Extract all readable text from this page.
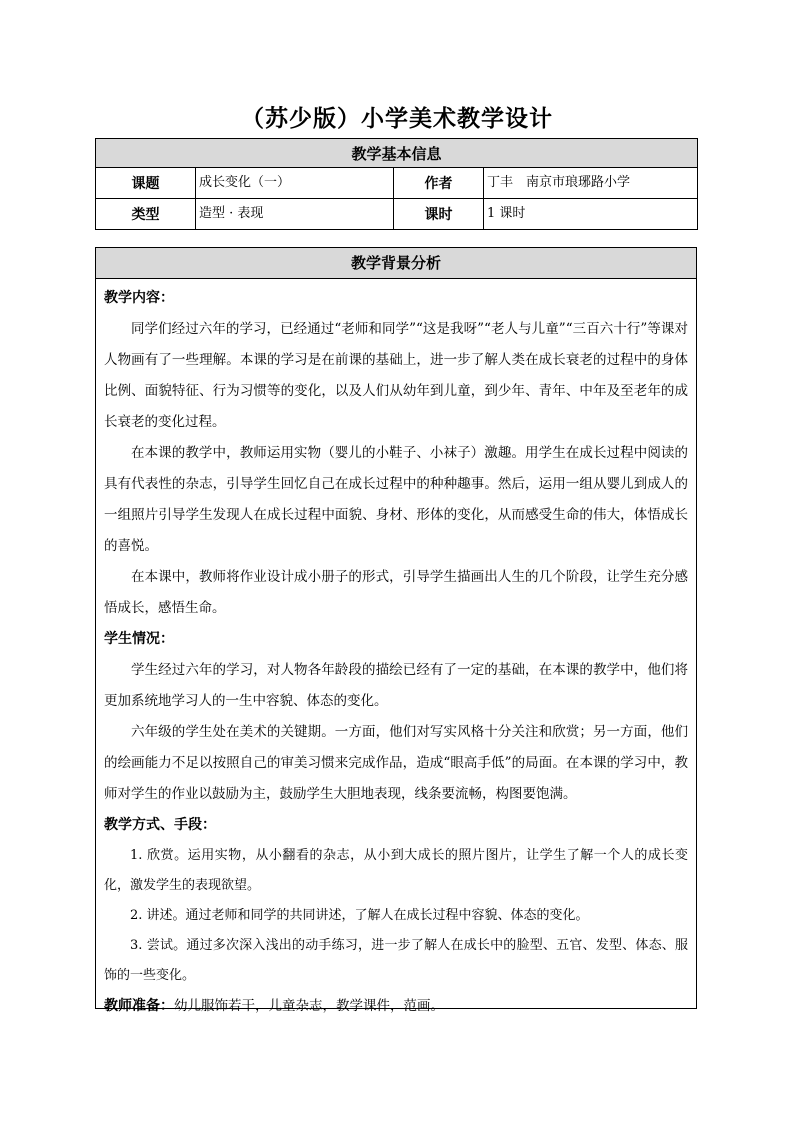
（苏少版）小学美术教学设计
教学基本信息			
课题	成长变化（一）	作者	丁丰　南京市琅琊路小学
类型	造型 · 表现	课时	1 课时
教学背景分析
教学内容：

同学们经过六年的学习，已经通过“老师和同学”“这是我呀”“老人与儿童”“三百六十行”等课对人物画有了一些理解。本课的学习是在前课的基础上，进一步了解人类在成长衰老的过程中的身体比例、面貌特征、行为习惯等的变化，以及人们从幼年到儿童，到少年、青年、中年及至老年的成长衰老的变化过程。

在本课的教学中，教师运用实物（婴儿的小鞋子、小袜子）激趣。用学生在成长过程中阅读的具有代表性的杂志，引导学生回忆自己在成长过程中的种种趣事。然后，运用一组从婴儿到成人的一组照片引导学生发现人在成长过程中面貌、身材、形体的变化，从而感受生命的伟大，体悟成长的喜悦。

在本课中，教师将作业设计成小册子的形式，引导学生描画出人生的几个阶段，让学生充分感悟成长，感悟生命。

学生情况：

学生经过六年的学习，对人物各年龄段的描绘已经有了一定的基础，在本课的教学中，他们将更加系统地学习人的一生中容貌、体态的变化。

六年级的学生处在美术的关键期。一方面，他们对写实风格十分关注和欣赏；另一方面，他们的绘画能力不足以按照自己的审美习惯来完成作品，造成“眼高手低”的局面。在本课的学习中，教师对学生的作业以鼓励为主，鼓励学生大胆地表现，线条要流畅，构图要饱满。

教学方式、手段：

1. 欣赏。运用实物，从小翻看的杂志，从小到大成长的照片图片，让学生了解一个人的成长变化，激发学生的表现欲望。

2. 讲述。通过老师和同学的共同讲述，了解人在成长过程中容貌、体态的变化。

3. 尝试。通过多次深入浅出的动手练习，进一步了解人在成长中的脸型、五官、发型、体态、服饰的一些变化。

教师准备：幼儿服饰若干，儿童杂志，教学课件，范画。
